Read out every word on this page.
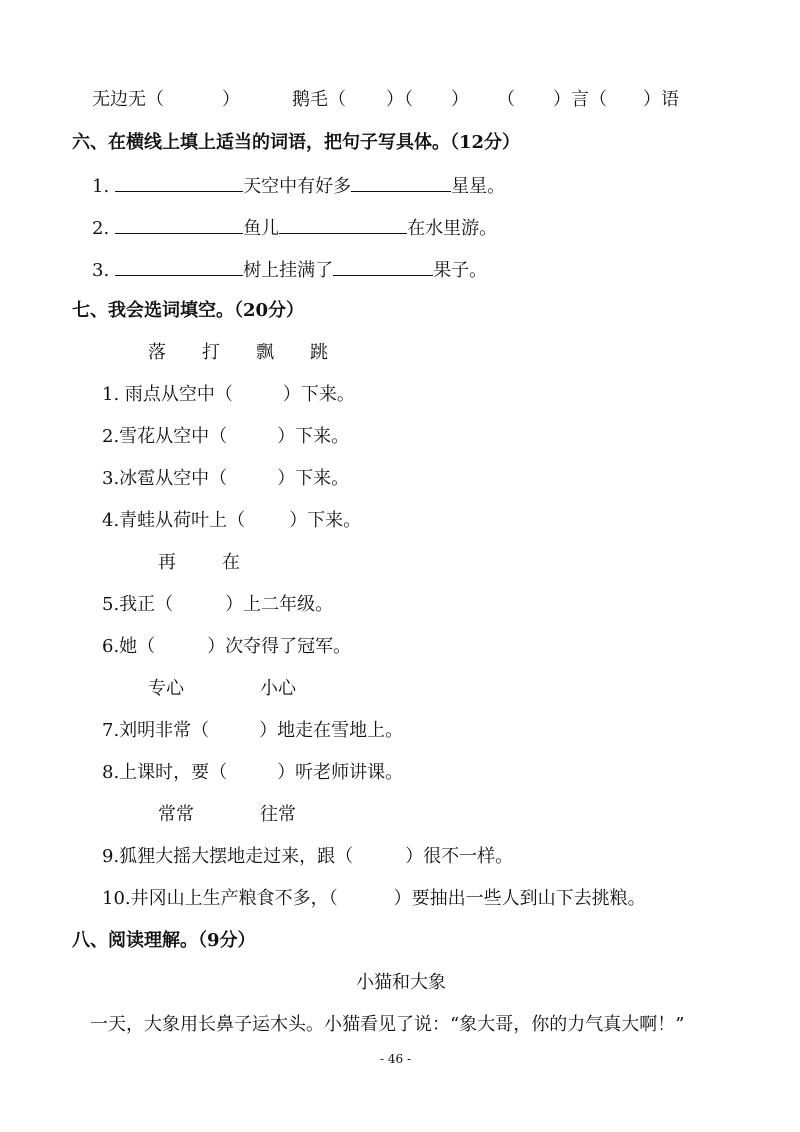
无边无（	）	鹅毛（ ）（ ） （ ）言（ ）语
六、在横线上填上适当的词语，把句子写具体。（12分）
1.	天空中有好多	星星。
2.	鱼儿	在水里游。
3.	树上挂满了	果子。
七、我会选词填空。（20分）
落 打 飘 跳
1. 雨点从空中（	）下来。
2.雪花从空中（	）下来。
3.冰雹从空中（	）下来。
4.青蛙从荷叶上（ ）下来。
再	在
5.我正（	）上二年级。
6.她（	）次夺得了冠军。
专心	小心
7.刘明非常（	）地走在雪地上。
8.上课时，要（	）听老师讲课。
常常	往常
9.狐狸大摇大摆地走过来，跟（	）很不一样。
10.井冈山上生产粮食不多，（	）要抽出一些人到山下去挑粮。
八、阅读理解。（9分）
小猫和大象
一天，大象用长鼻子运木头。小猫看见了说：“象大哥，你的力气真大啊！”
- 46 -
